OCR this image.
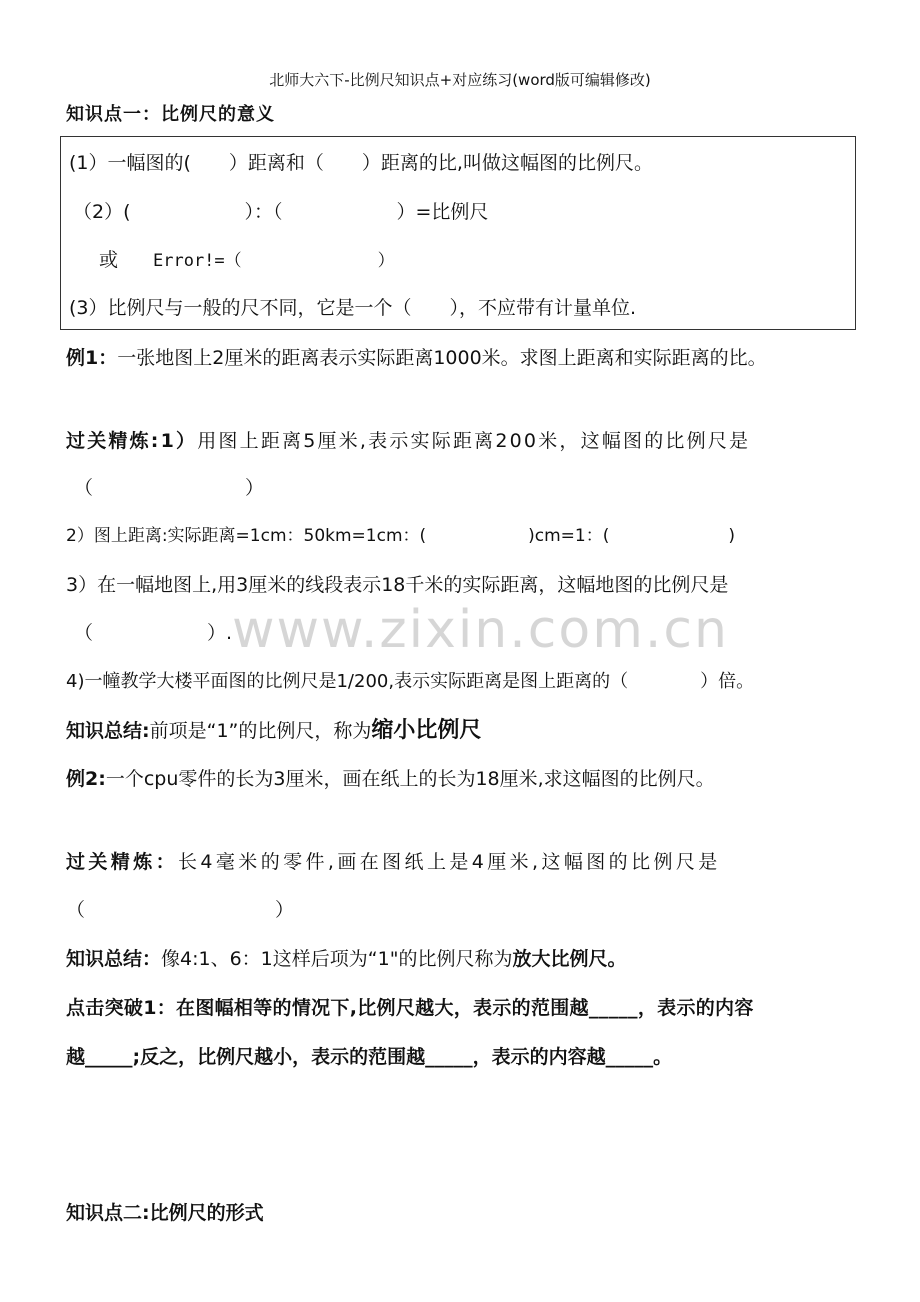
北师大六下-比例尺知识点+对应练习(word版可编辑修改)
知识点一：比例尺的意义
(1）一幅图的(　　）距离和（　　）距离的比,叫做这幅图的比例尺。
（2）(　　　　　　）：（　　　　　　）=比例尺
或 Error!=（　　　　　　　　）
(3）比例尺与一般的尺不同，它是一个（　　），不应带有计量单位.
例1：一张地图上2厘米的距离表示实际距离1000米。求图上距离和实际距离的比。
过关精炼:1）用图上距离5厘米,表示实际距离200米，这幅图的比例尺是
（　　　　　　　　）
2）图上距离:实际距离=1cm：50km=1cm：(　　　　　　)cm=1：(　　　　　　　)
3）在一幅地图上,用3厘米的线段表示18千米的实际距离，这幅地图的比例尺是
（　　　　　　）.
4)一幢教学大楼平面图的比例尺是1/200,表示实际距离是图上距离的（　　　　）倍。
知识总结:前项是“1”的比例尺，称为缩小比例尺
例2:一个cpu零件的长为3厘米，画在纸上的长为18厘米,求这幅图的比例尺。
过关精炼：长4毫米的零件,画在图纸上是4厘米,这幅图的比例尺是
（　　　　　　　　　　）
知识总结：像4:1、6：1这样后项为“1"的比例尺称为放大比例尺。
点击突破1：在图幅相等的情况下,比例尺越大，表示的范围越_____，表示的内容
越_____;反之，比例尺越小，表示的范围越_____，表示的内容越_____。
知识点二:比例尺的形式
www.zixin.com.cn
